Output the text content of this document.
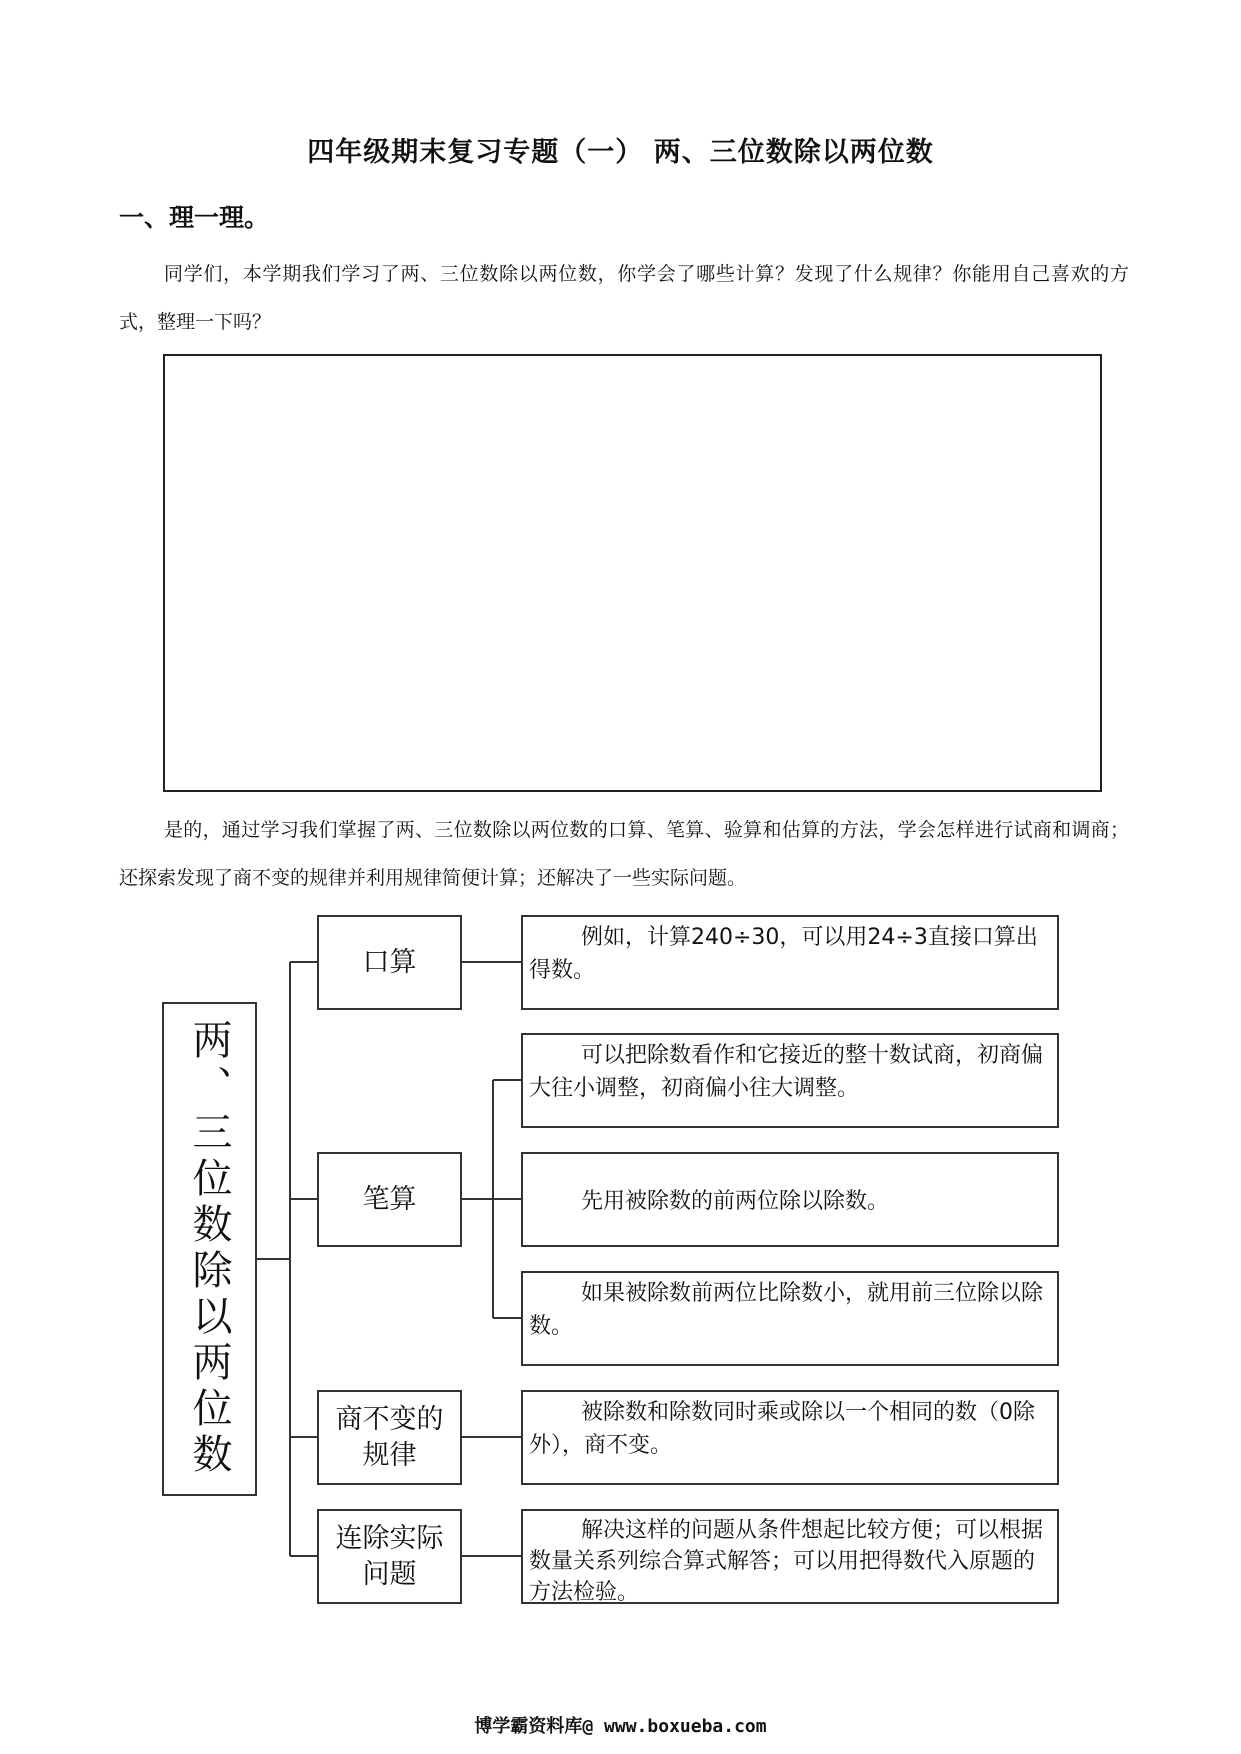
四年级期末复习专题（一） 两、三位数除以两位数
一、理一理。
同学们，本学期我们学习了两、三位数除以两位数，你学会了哪些计算？发现了什么规律？你能用自己喜欢的方式，整理一下吗？
是的，通过学习我们掌握了两、三位数除以两位数的口算、笔算、验算和估算的方法，学会怎样进行试商和调商；还探索发现了商不变的规律并利用规律简便计算；还解决了一些实际问题。
两、三位数除以两位数
口算
笔算
商不变的规律
连除实际问题
例如，计算240÷30，可以用24÷3直接口算出得数。
可以把除数看作和它接近的整十数试商，初商偏大往小调整，初商偏小往大调整。
先用被除数的前两位除以除数。
如果被除数前两位比除数小，就用前三位除以除数。
被除数和除数同时乘或除以一个相同的数（0除外），商不变。
解决这样的问题从条件想起比较方便；可以根据数量关系列综合算式解答；可以用把得数代入原题的方法检验。
博学霸资料库@ www.boxueba.com
